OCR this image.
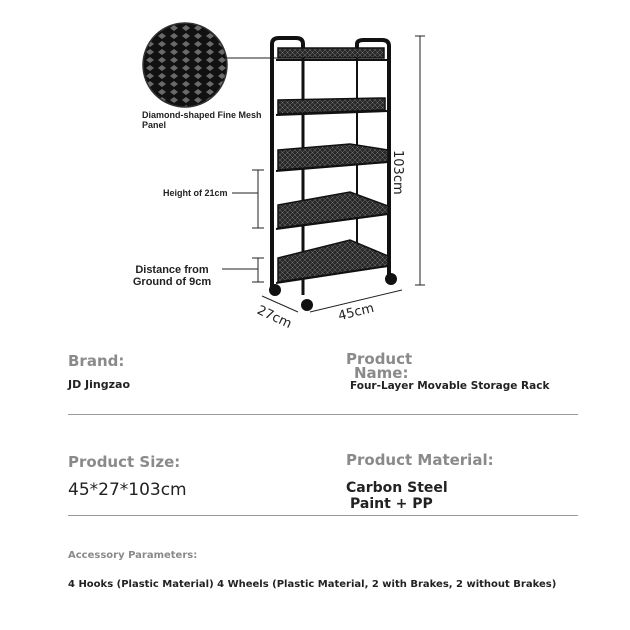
Diamond-shaped Fine Mesh Panel
Height of 21cm
Distance from Ground of 9cm
103cm
27cm	45cm
Brand:
JD Jingzao
Product
Name:
Four-Layer Movable Storage Rack
Product Size:
45*27*103cm
Product Material:
Carbon Steel
Paint + PP
Accessory Parameters:
4 Hooks (Plastic Material) 4 Wheels (Plastic Material, 2 with Brakes, 2 without Brakes)
